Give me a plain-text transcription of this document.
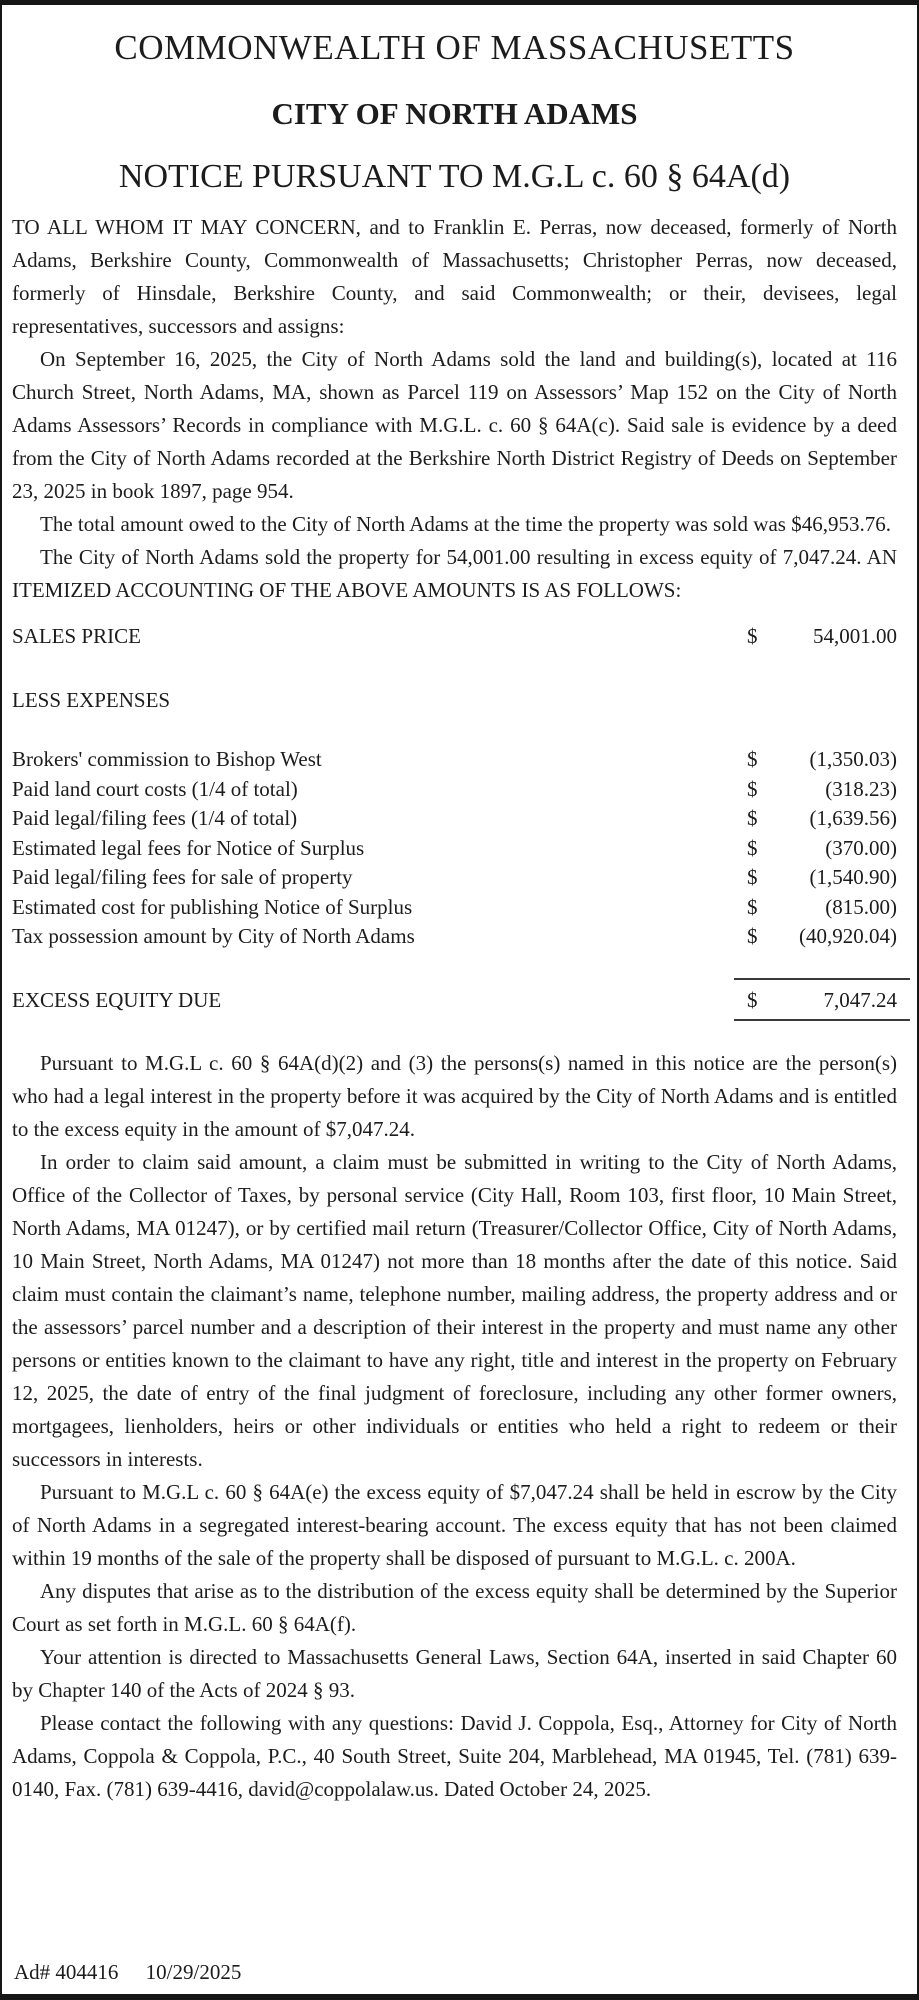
COMMONWEALTH OF MASSACHUSETTS
CITY OF NORTH ADAMS
NOTICE PURSUANT TO M.G.L c. 60 § 64A(d)

TO ALL WHOM IT MAY CONCERN, and to Franklin E. Perras, now deceased, formerly of North Adams, Berkshire County, Commonwealth of Massachusetts; Christopher Perras, now deceased, formerly of Hinsdale, Berkshire County, and said Commonwealth; or their, devisees, legal representatives, successors and assigns:

On September 16, 2025, the City of North Adams sold the land and building(s), located at 116 Church Street, North Adams, MA, shown as Parcel 119 on Assessors’ Map 152 on the City of North Adams Assessors’ Records in compliance with M.G.L. c. 60 § 64A(c). Said sale is evidence by a deed from the City of North Adams recorded at the Berkshire North District Registry of Deeds on September 23, 2025 in book 1897, page 954.

The total amount owed to the City of North Adams at the time the property was sold was $46,953.76.

The City of North Adams sold the property for 54,001.00 resulting in excess equity of 7,047.24. AN ITEMIZED ACCOUNTING OF THE ABOVE AMOUNTS IS AS FOLLOWS:

SALES PRICE	$	54,001.00
LESS EXPENSES
Brokers' commission to Bishop West	$ (1,350.03)
Paid land court costs (1/4 of total)	$	(318.23)
Paid legal/filing fees (1/4 of total)	$ (1,639.56)
Estimated legal fees for Notice of Surplus	$	(370.00)
Paid legal/filing fees for sale of property	$ (1,540.90)
Estimated cost for publishing Notice of Surplus	$	(815.00)
Tax possession amount by City of North Adams	$ (40,920.04)
EXCESS EQUITY DUE	$	7,047.24

Pursuant to M.G.L c. 60 § 64A(d)(2) and (3) the persons(s) named in this notice are the person(s) who had a legal interest in the property before it was acquired by the City of North Adams and is entitled to the excess equity in the amount of $7,047.24.

In order to claim said amount, a claim must be submitted in writing to the City of North Adams, Office of the Collector of Taxes, by personal service (City Hall, Room 103, first floor, 10 Main Street, North Adams, MA 01247), or by certified mail return (Treasurer/Collector Office, City of North Adams, 10 Main Street, North Adams, MA 01247) not more than 18 months after the date of this notice. Said claim must contain the claimant’s name, telephone number, mailing address, the property address and or the assessors’ parcel number and a description of their interest in the property and must name any other persons or entities known to the claimant to have any right, title and interest in the property on February 12, 2025, the date of entry of the final judgment of foreclosure, including any other former owners, mortgagees, lienholders, heirs or other individuals or entities who held a right to redeem or their successors in interests.

Pursuant to M.G.L c. 60 § 64A(e) the excess equity of $7,047.24 shall be held in escrow by the City of North Adams in a segregated interest-bearing account. The excess equity that has not been claimed within 19 months of the sale of the property shall be disposed of pursuant to M.G.L. c. 200A.

Any disputes that arise as to the distribution of the excess equity shall be determined by the Superior Court as set forth in M.G.L. 60 § 64A(f).

Your attention is directed to Massachusetts General Laws, Section 64A, inserted in said Chapter 60 by Chapter 140 of the Acts of 2024 § 93.

Please contact the following with any questions: David J. Coppola, Esq., Attorney for City of North Adams, Coppola & Coppola, P.C., 40 South Street, Suite 204, Marblehead, MA 01945, Tel. (781) 639-0140, Fax. (781) 639-4416, david@coppolalaw.us. Dated October 24, 2025.

Ad# 404416 10/29/2025
